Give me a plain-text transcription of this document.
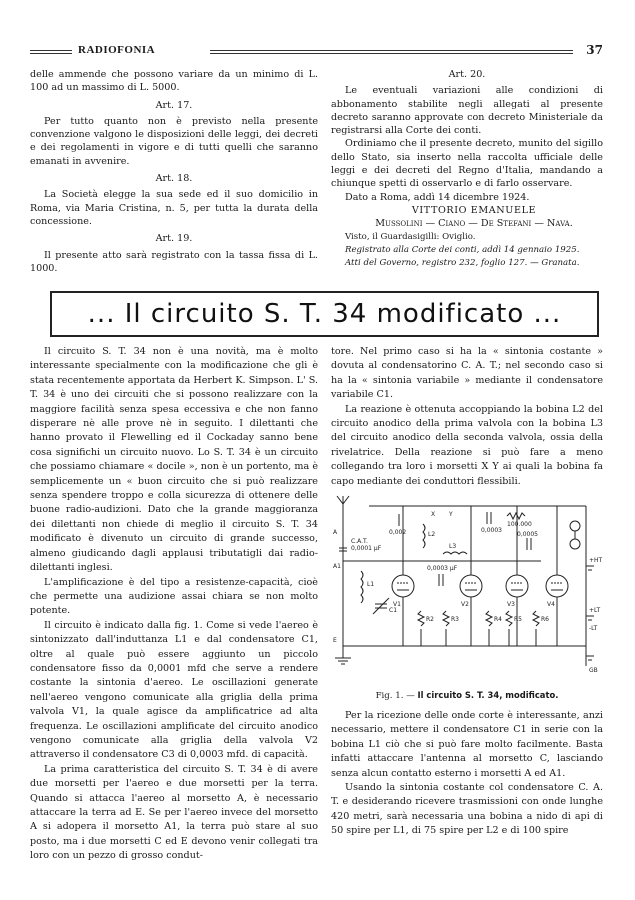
RADIOFONIA	37

delle ammende che possono variare da un minimo di L. 100 ad un massimo di L. 5000.

Art. 17.

Per tutto quanto non è previsto nella presente convenzione valgono le disposizioni delle leggi, dei decreti e dei regolamenti in vigore e di tutti quelli che saranno emanati in avvenire.

Art. 18.

La Società elegge la sua sede ed il suo domicilio in Roma, via Maria Cristina, n. 5, per tutta la durata della concessione.

Art. 19.

Il presente atto sarà registrato con la tassa fissa di L. 1000.

Art. 20.

Le eventuali variazioni alle condizioni di abbonamento stabilite negli allegati al presente decreto saranno approvate con decreto Ministeriale da registrarsi alla Corte dei conti.

Ordiniamo che il presente decreto, munito del sigillo dello Stato, sia inserto nella raccolta ufficiale delle leggi e dei decreti del Regno d'Italia, mandando a chiunque spetti di osservarlo e di farlo osservare.

Dato a Roma, addì 14 dicembre 1924.

VITTORIO EMANUELE

Mussolini — Ciano — De Stefani — Nava.

Visto, il Guardasigilli: Oviglio.

Registrato alla Corte dei conti, addì 14 gennaio 1925.

Atti del Governo, registro 232, foglio 127. — Granata.

... Il circuito S. T. 34 modificato ...

Il circuito S. T. 34 non è una novità, ma è molto interessante specialmente con la modificazione che gli è stata recentemente apportata da Herbert K. Simpson. L' S. T. 34 è uno dei circuiti che si possono realizzare con la maggiore facilità senza spesa eccessiva e che non fanno disperare nè alle prove nè in seguito. I dilettanti che hanno provato il Flewelling ed il Cockaday sanno bene cosa significhi un circuito nuovo. Lo S. T. 34 è un circuito che possiamo chiamare « docile », non è un portento, ma è semplicemente un « buon circuito che si può realizzare senza spendere troppo e colla sicurezza di ottenere delle buone radio-audizioni. Dato che la grande maggioranza dei dilettanti non chiede di meglio il circuito S. T. 34 modificato è divenuto un circuito di grande successo, almeno giudicando dagli applausi tributatigli dai radio-dilettanti inglesi.

L'amplificazione è del tipo a resistenze-capacità, cioè che permette una audizione assai chiara se non molto potente.

Il circuito è indicato dalla fig. 1. Come si vede l'aereo è sintonizzato dall'induttanza L1 e dal condensatore C1, oltre al quale può essere aggiunto un piccolo condensatore fisso da 0,0001 mfd che serve a rendere costante la sintonia d'aereo. Le oscillazioni generate nell'aereo vengono comunicate alla griglia della prima valvola V1, la quale agisce da amplificatrice ad alta frequenza. Le oscillazioni amplificate del circuito anodico vengono comunicate alla griglia della valvola V2 attraverso il condensatore C3 di 0,0003 mfd. di capacità.

La prima caratteristica del circuito S. T. 34 è di avere due morsetti per l'aereo e due morsetti per la terra. Quando si attacca l'aereo al morsetto A, è necessario attaccare la terra ad E. Se per l'aereo invece del morsetto A si adopera il morsetto A1, la terra può stare al suo posto, ma i due morsetti C ed E devono venir collegati tra loro con un pezzo di grosso condut-

tore. Nel primo caso si ha la « sintonia costante » dovuta al condensatorino C. A. T.; nel secondo caso si ha la « sintonia variabile » mediante il condensatore variabile C1.

La reazione è ottenuta accoppiando la bobina L2 del circuito anodico della prima valvola con la bobina L3 del circuito anodico della seconda valvola, ossia della rivelatrice. Della reazione si può fare a meno collegando tra loro i morsetti X Y ai quali la bobina fa capo mediante dei conduttori flessibili.

C.A.T.
0,0001 µF
L1
C1
V1	V2	V3	V4
L2
L3
0,0003 µF
0,0003
0,002	0,0005
100.000
R2	R3	R4 R5	R6
+HT
+LT
-LT
GB
A
A1
E
X Y
Fig. 1. — Il circuito S. T. 34, modificato.

Per la ricezione delle onde corte è interessante, anzi necessario, mettere il condensatore C1 in serie con la bobina L1 ciò che si può fare molto facilmente. Basta infatti attaccare l'antenna al morsetto C, lasciando senza alcun contatto esterno i morsetti A ed A1.

Usando la sintonia costante col condensatore C. A. T. e desiderando ricevere trasmissioni con onde lunghe 420 metri, sarà necessaria una bobina a nido di api di 50 spire per L1, di 75 spire per L2 e di 100 spire
